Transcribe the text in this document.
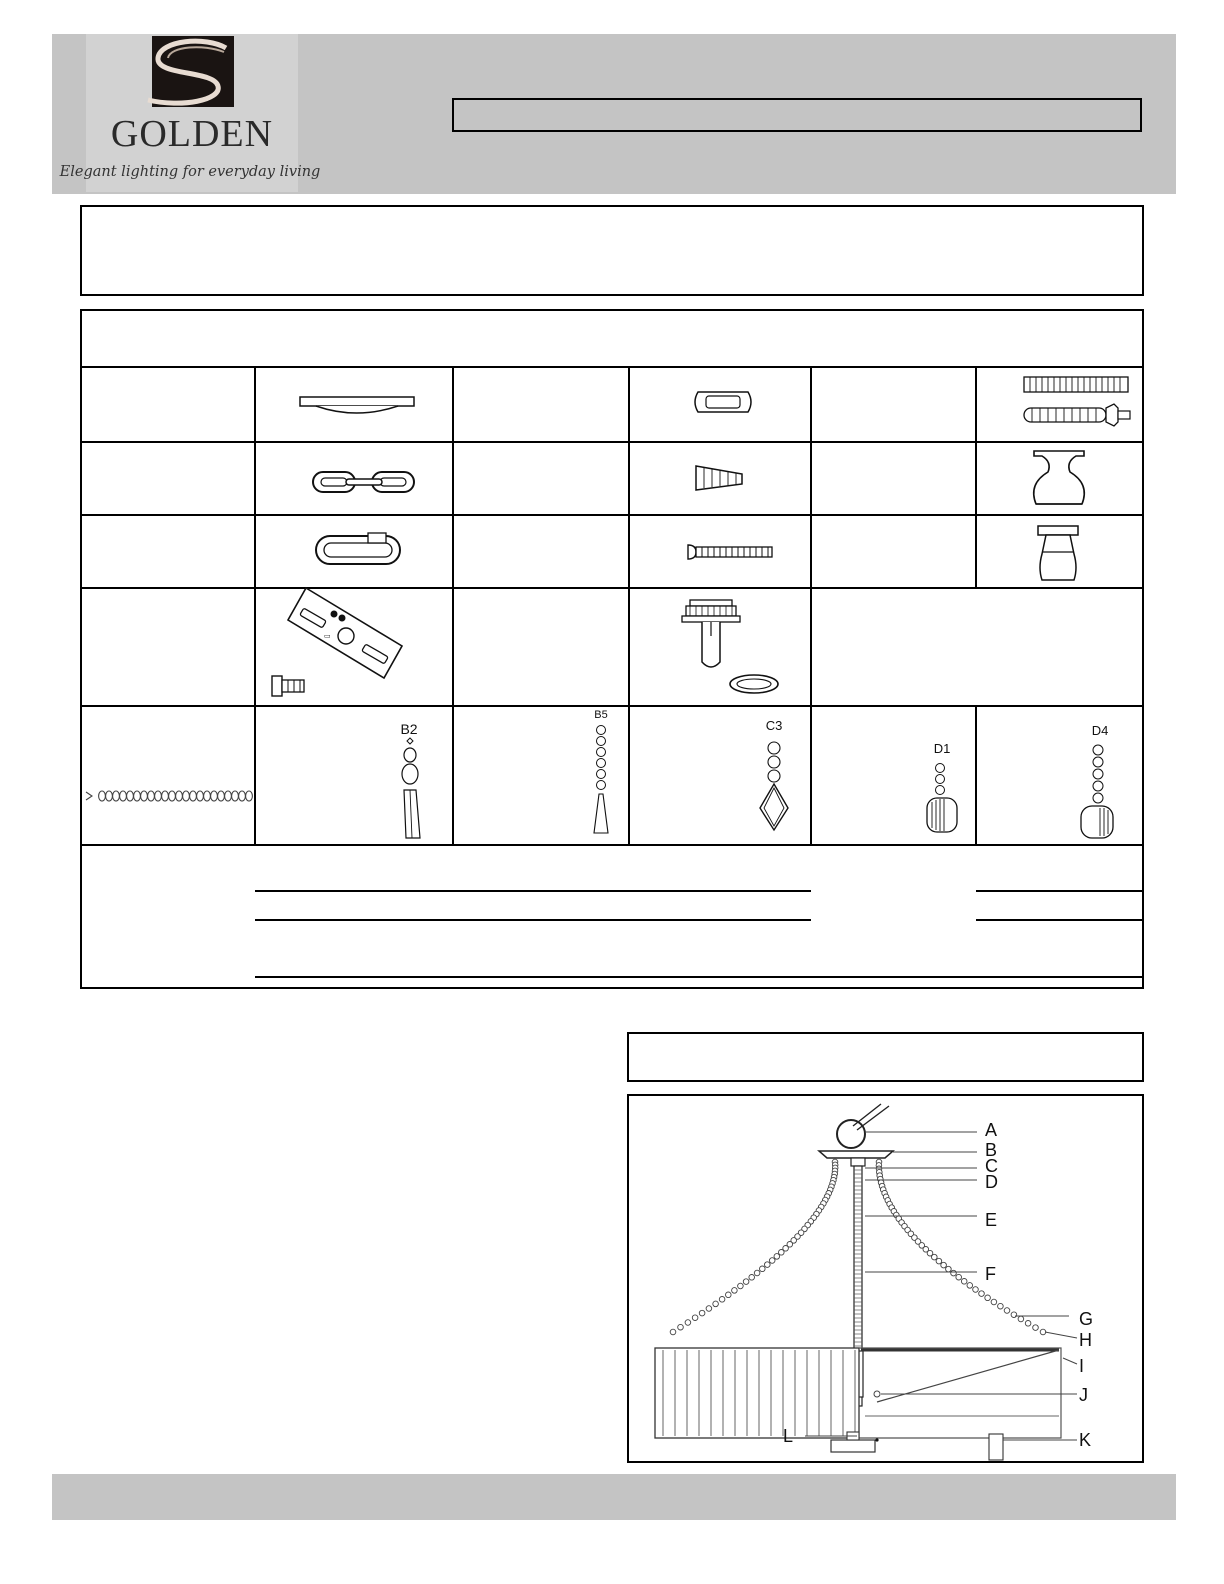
GOLDEN
Elegant lighting for everyday living
▭
B2
B5
C3
D1
D4
A
B
C
D
E
F
G
H
I
J
K
L
